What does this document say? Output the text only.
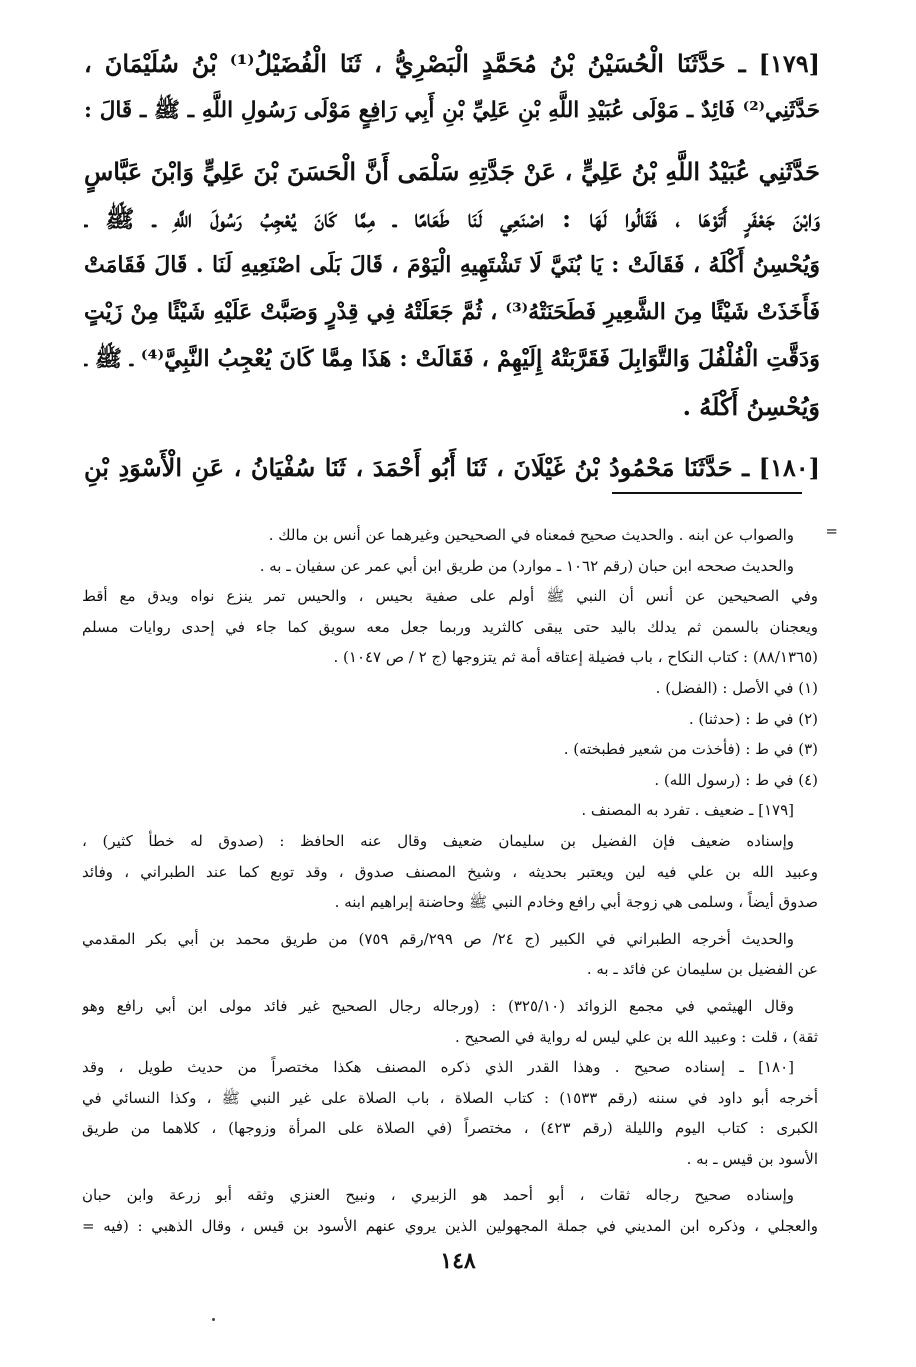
[١٧٩] ـ حَدَّثَنَا الْحُسَيْنُ بْنُ مُحَمَّدٍ الْبَصْرِيُّ ، ثَنَا الْفُضَيْلُ⁽¹⁾ بْنُ سُلَيْمَانَ ،
حَدَّثَنِي⁽²⁾ فَائِدٌ ـ مَوْلَى عُبَيْدِ اللَّهِ بْنِ عَلِيِّ بْنِ أَبِي رَافِعٍ مَوْلَى رَسُولِ اللَّهِ ـ ﷺ ـ قَالَ :
حَدَّثَنِي عُبَيْدُ اللَّهِ بْنُ عَلِيٍّ ، عَنْ جَدَّتِهِ سَلْمَى أَنَّ الْحَسَنَ بْنَ عَلِيٍّ وَابْنَ عَبَّاسٍ
وَابْنَ جَعْفَرٍ أَتَوْهَا ، فَقَالُوا لَهَا : اصْنَعِي لَنَا طَعَامًا ـ مِمَّا كَانَ يُعْجِبُ رَسُولَ اللَّهِ ـ ﷺ ـ
وَيُحْسِنُ أَكْلَهُ ، فَقَالَتْ : يَا بُنَيَّ لَا تَشْتَهِيهِ الْيَوْمَ ، قَالَ بَلَى اصْنَعِيهِ لَنَا . قَالَ فَقَامَتْ
فَأَخَذَتْ شَيْئًا مِنَ الشَّعِيرِ فَطَحَنَتْهُ⁽³⁾ ، ثُمَّ جَعَلَتْهُ فِي قِدْرٍ وَصَبَّتْ عَلَيْهِ شَيْئًا مِنْ زَيْتٍ
وَدَقَّتِ الْفُلْفُلَ وَالتَّوَابِلَ فَقَرَّبَتْهُ إِلَيْهِمْ ، فَقَالَتْ : هَذَا مِمَّا كَانَ يُعْجِبُ النَّبِيَّ⁽⁴⁾ ـ ﷺ ـ
وَيُحْسِنُ أَكْلَهُ .
[١٨٠] ـ حَدَّثَنَا مَحْمُودُ بْنُ غَيْلَانَ ، ثَنَا أَبُو أَحْمَدَ ، ثَنَا سُفْيَانُ ، عَنِ الْأَسْوَدِ بْنِ
=
والصواب عن ابنه . والحديث صحيح فمعناه في الصحيحين وغيرهما عن أنس بن مالك .
والحديث صححه ابن حبان (رقم ١٠٦٢ ـ موارد) من طريق ابن أبي عمر عن سفيان ـ به .
وفي الصحيحين عن أنس أن النبي ﷺ أولم على صفية بحيس ، والحيس تمر ينزع نواه ويدق مع أقط
ويعجنان بالسمن ثم يدلك باليد حتى يبقى كالثريد وربما جعل معه سويق كما جاء في إحدى روايات مسلم
(٨٨/١٣٦٥) : كتاب النكاح ، باب فضيلة إعتاقه أمة ثم يتزوجها (ج ٢ / ص ١٠٤٧) .
(١) في الأصل : (الفضل) .
(٢) في ط : (حدثنا) .
(٣) في ط : (فأخذت من شعير فطبخته) .
(٤) في ط : (رسول الله) .
[١٧٩] ـ ضعيف . تفرد به المصنف .
وإسناده ضعيف فإن الفضيل بن سليمان ضعيف وقال عنه الحافظ : (صدوق له خطأ كثير) ،
وعبيد الله بن علي فيه لين ويعتبر بحديثه ، وشيخ المصنف صدوق ، وقد توبع كما عند الطبراني ، وفائد
صدوق أيضاً ، وسلمى هي زوجة أبي رافع وخادم النبي ﷺ وحاضنة إبراهيم ابنه .
والحديث أخرجه الطبراني في الكبير (ج ٢٤/ ص ٢٩٩/رقم ٧٥٩) من طريق محمد بن أبي بكر المقدمي
عن الفضيل بن سليمان عن فائد ـ به .
وقال الهيثمي في مجمع الزوائد (٣٢٥/١٠) : (ورجاله رجال الصحيح غير فائد مولى ابن أبي رافع وهو
ثقة) ، قلت : وعبيد الله بن علي ليس له رواية في الصحيح .
[١٨٠] ـ إسناده صحيح . وهذا القدر الذي ذكره المصنف هكذا مختصراً من حديث طويل ، وقد
أخرجه أبو داود في سننه (رقم ١٥٣٣) : كتاب الصلاة ، باب الصلاة على غير النبي ﷺ ، وكذا النسائي في
الكبرى : كتاب اليوم والليلة (رقم ٤٢٣) ، مختصراً (في الصلاة على المرأة وزوجها) ، كلاهما من طريق
الأسود بن قيس ـ به .
وإسناده صحيح رجاله ثقات ، أبو أحمد هو الزبيري ، ونبيح العنزي وثقه أبو زرعة وابن حبان
والعجلي ، وذكره ابن المديني في جملة المجهولين الذين يروي عنهم الأسود بن قيس ، وقال الذهبي : (فيه =
١٤٨
